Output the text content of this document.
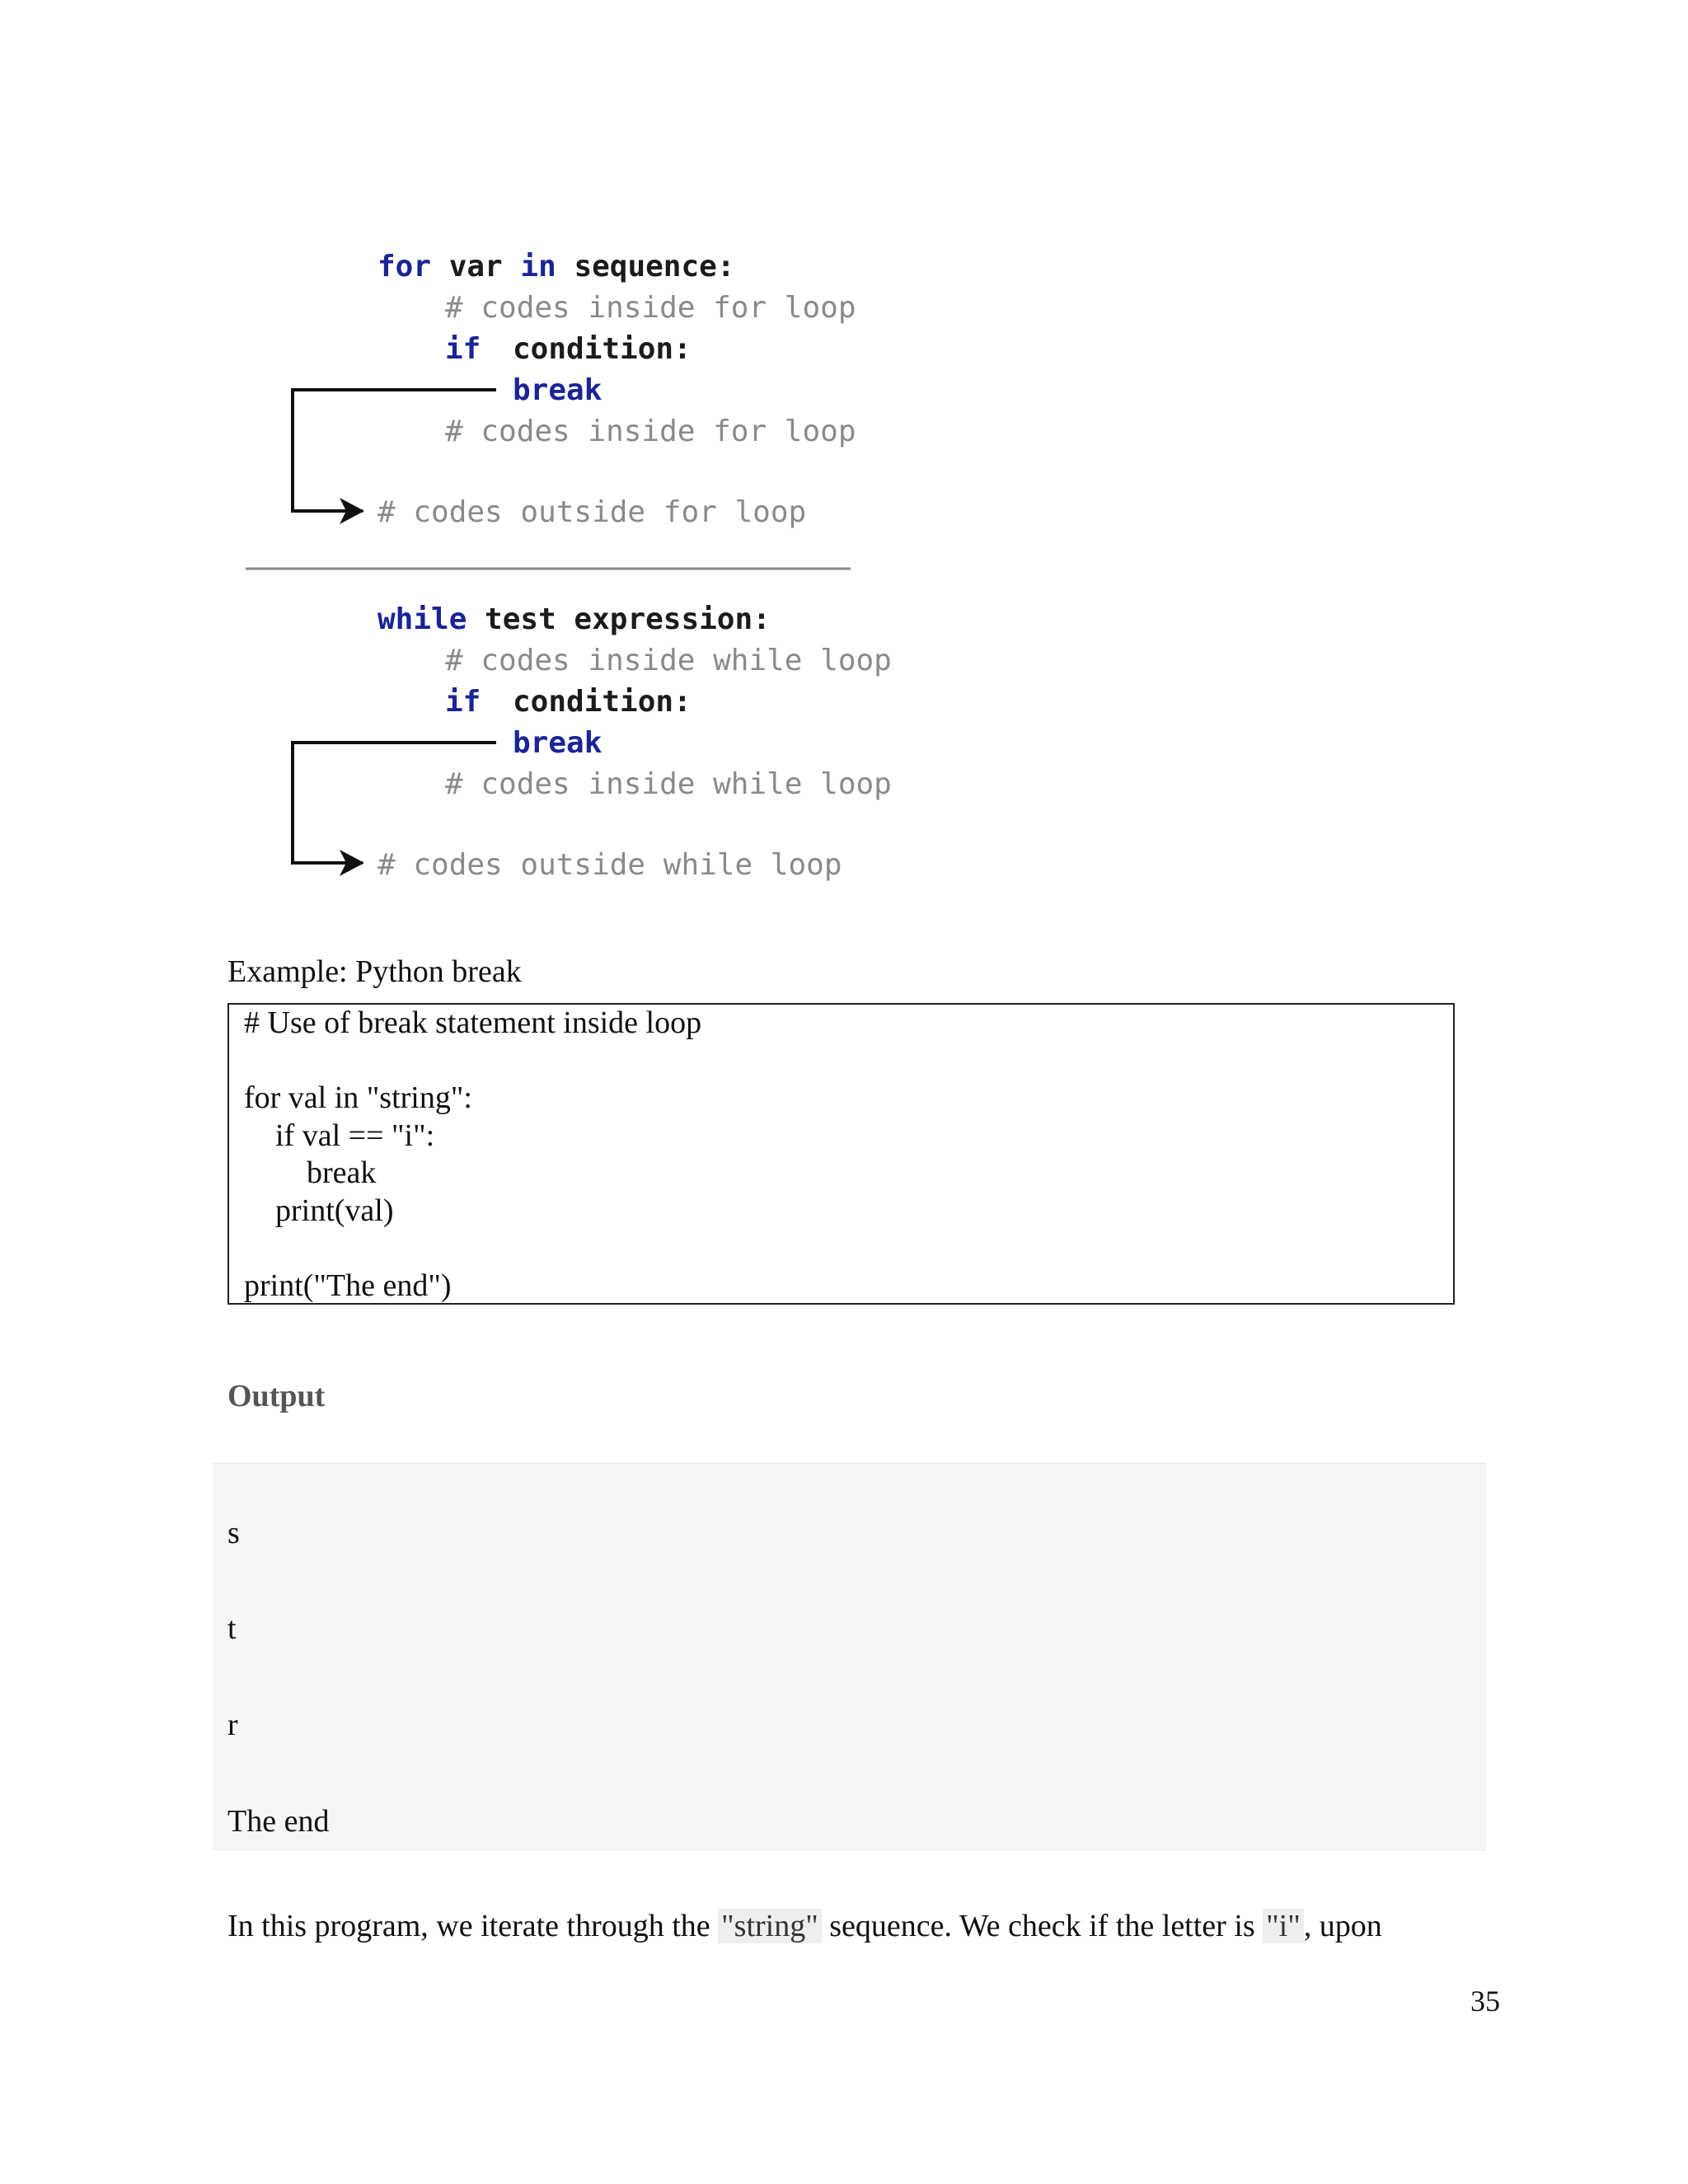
for var in sequence:
# codes inside for loop
if condition:
break
# codes inside for loop
# codes outside for loop
while test expression:
# codes inside while loop
if condition:
break
# codes inside while loop
# codes outside while loop

Example: Python break

# Use of break statement inside loop

for val in "string":

if val == "i":

break

print(val)

print("The end")

Output

s

t

r

The end

In this program, we iterate through the "string" sequence. We check if the letter is "i" , upon

35
